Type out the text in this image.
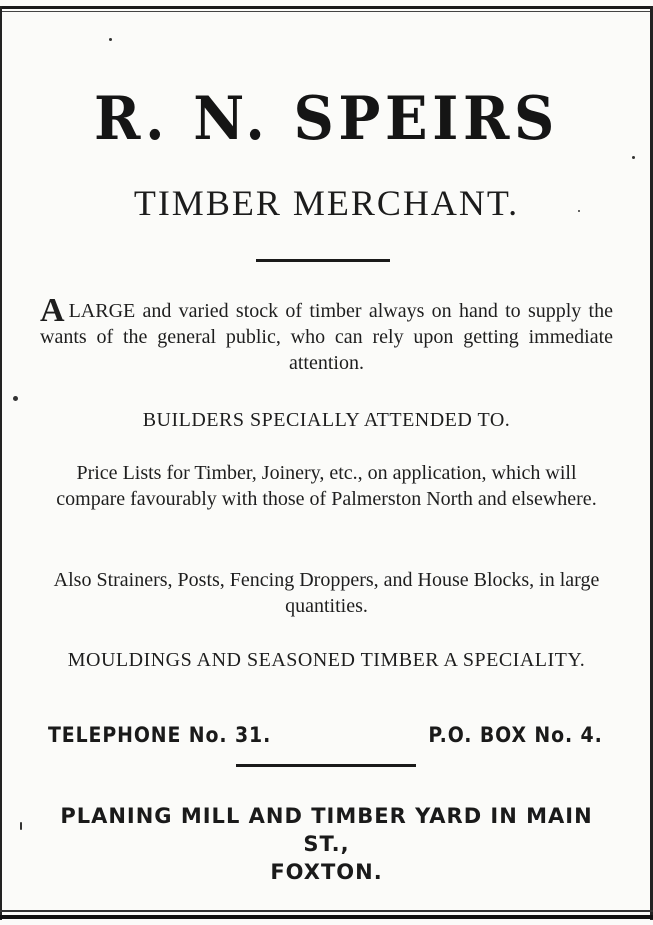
R. N. SPEIRS
TIMBER MERCHANT.
ALARGE and varied stock of timber always on hand to supply the wants of the general public, who can rely upon getting immediate attention.
BUILDERS SPECIALLY ATTENDED TO.
Price Lists for Timber, Joinery, etc., on application, which will compare favourably with those of Palmerston North and elsewhere.
Also Strainers, Posts, Fencing Droppers, and House Blocks, in large quantities.
MOULDINGS AND SEASONED TIMBER A SPECIALITY.
TELEPHONE No. 31.	P.O. BOX No. 4.
PLANING MILL AND TIMBER YARD IN MAIN ST.,
FOXTON.
